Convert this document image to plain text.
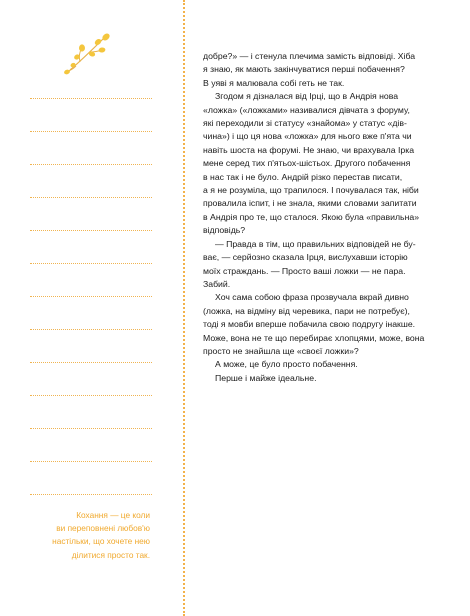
Кохання — це коли
ви переповнені любов'ю
настільки, що хочете нею
ділитися просто так.
добре?» — і стенула плечима замість відповіді. Хіба
я знаю, як мають закінчуватися перші побачення?
В уяві я малювала собі геть не так.
Згодом я дізналася від Ірці, що в Андрія нова
«ложка» («ложками» називалися дівчата з форуму,
які переходили зі статусу «знайома» у статус «дів-
чина») і що ця нова «ложка» для нього вже п'ята чи
навіть шоста на форумі. Не знаю, чи врахувала Ірка
мене серед тих п'ятьох-шістьох. Другого побачення
в нас так і не було. Андрій різко перестав писати,
а я не розуміла, що трапилося. І почувалася так, ніби
провалила іспит, і не знала, якими словами запитати
в Андрія про те, що сталося. Якою була «правильна»
відповідь?
— Правда в тім, що правильних відповідей не бу-
ває, — серйозно сказала Ірця, вислухавши історію
моїх страждань. — Просто ваші ложки — не пара.
Забий.
Хоч сама собою фраза прозвучала вкрай дивно
(ложка, на відміну від черевика, пари не потребує),
тоді я мовби вперше побачила свою подругу інакше.
Може, вона не те що перебирає хлопцями, може, вона
просто не знайшла ще «своєї ложки»?
А може, це було просто побачення.
Перше і майже ідеальне.
